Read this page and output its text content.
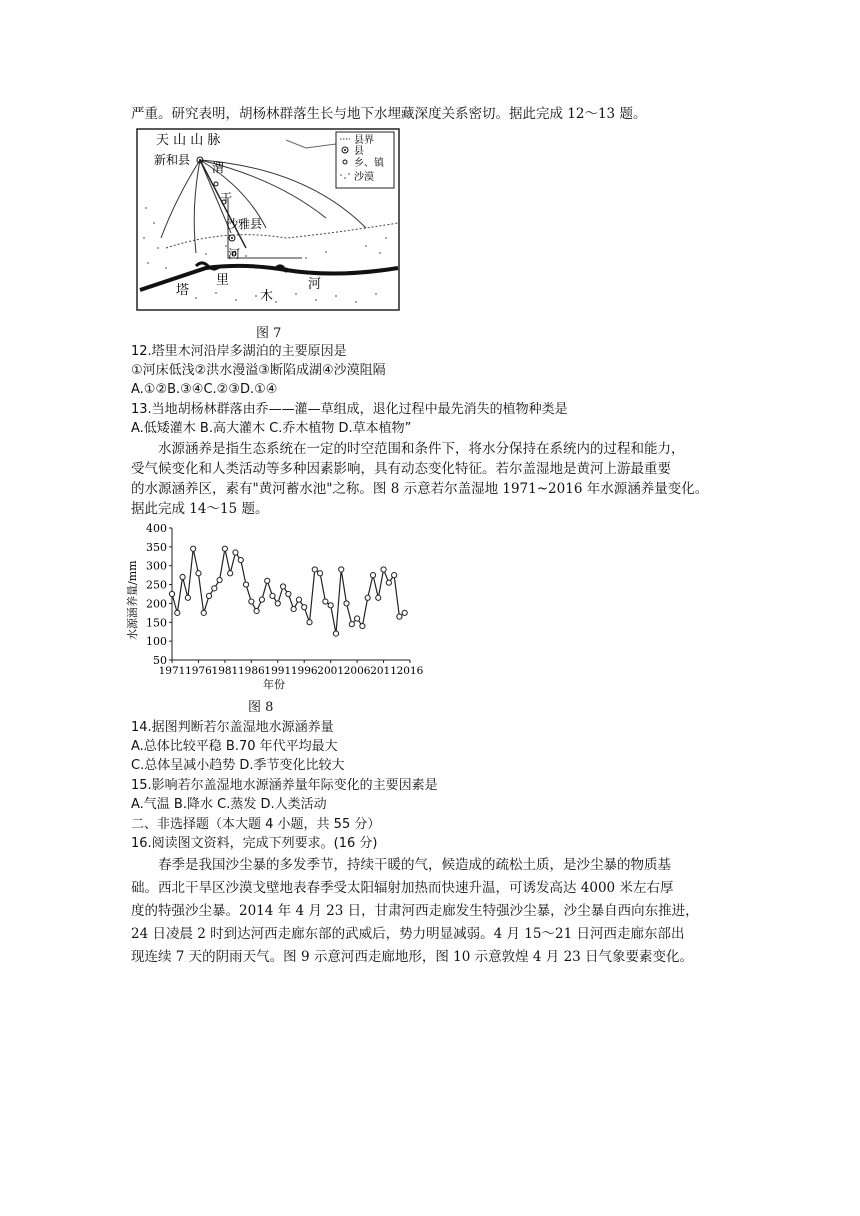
严重。研究表明，胡杨林群落生长与地下水埋藏深度关系密切。据此完成 12～13 题。
天 山 山 脉
新和县
渭
干
沙雅县
河
塔
里
木
河
县界
县
乡、镇
沙漠
图 7
12.塔里木河沿岸多湖泊的主要原因是
①河床低浅②洪水漫溢③断陷成湖④沙漠阻隔
A.①②B.③④C.②③D.①④
13.当地胡杨林群落由乔——灌—草组成，退化过程中最先消失的植物种类是
A.低矮灌木 B.高大灌木 C.乔木植物 D.草本植物”
水源涵养是指生态系统在一定的时空范围和条件下，将水分保持在系统内的过程和能力，
受气候变化和人类活动等多种因素影响，具有动态变化特征。若尔盖湿地是黄河上游最重要
的水源涵养区，素有"黄河蓄水池"之称。图 8 示意若尔盖湿地 1971~2016 年水源涵养量变化。
据此完成 14～15 题。
50
100
150
200
250
300
350
400
1971 1976 1981 1986 1991 1996 2001 2006 2011 2016
水源涵养量/mm
年份
图 8
14.据图判断若尔盖湿地水源涵养量
A.总体比较平稳 B.70 年代平均最大
C.总体呈减小趋势 D.季节变化比较大
15.影响若尔盖湿地水源涵养量年际变化的主要因素是
A.气温 B.降水 C.蒸发 D.人类活动
二、非选择题（本大题 4 小题，共 55 分）
16.阅读图文资料，完成下列要求。(16 分)
春季是我国沙尘暴的多发季节，持续干暖的气，候造成的疏松土质，是沙尘暴的物质基
础。西北干旱区沙漠戈壁地表春季受太阳辐射加热而快速升温，可诱发高达 4000 米左右厚
度的特强沙尘暴。2014 年 4 月 23 日，甘肃河西走廊发生特强沙尘暴，沙尘暴自西向东推进，
24 日凌晨 2 时到达河西走廊东部的武威后，势力明显减弱。4 月 15～21 日河西走廊东部出
现连续 7 天的阴雨天气。图 9 示意河西走廊地形，图 10 示意敦煌 4 月 23 日气象要素变化。
